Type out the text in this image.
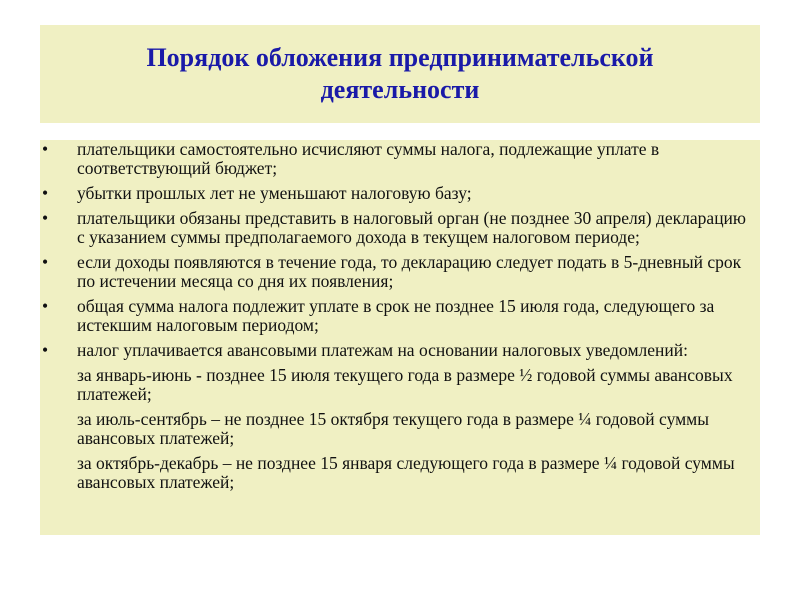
Порядок обложения предпринимательской деятельности
• плательщики самостоятельно исчисляют суммы налога, подлежащие уплате в соответствующий бюджет;
• убытки прошлых лет не уменьшают налоговую базу;
• плательщики обязаны представить в налоговый орган (не позднее 30 апреля) декларацию с указанием суммы предполагаемого дохода в текущем налоговом периоде;
• если доходы появляются в течение года, то декларацию следует подать в 5-дневный срок по истечении месяца со дня их появления;
• общая сумма налога подлежит уплате в срок не позднее 15 июля года, следующего за истекшим налоговым периодом;
• налог уплачивается авансовыми платежам на основании налоговых уведомлений:
за январь-июнь - позднее 15 июля текущего года в размере ½ годовой суммы авансовых платежей;
за июль-сентябрь – не позднее 15 октября текущего года в размере ¼ годовой суммы авансовых платежей;
за октябрь-декабрь – не позднее 15 января следующего года в размере ¼ годовой суммы авансовых платежей;
